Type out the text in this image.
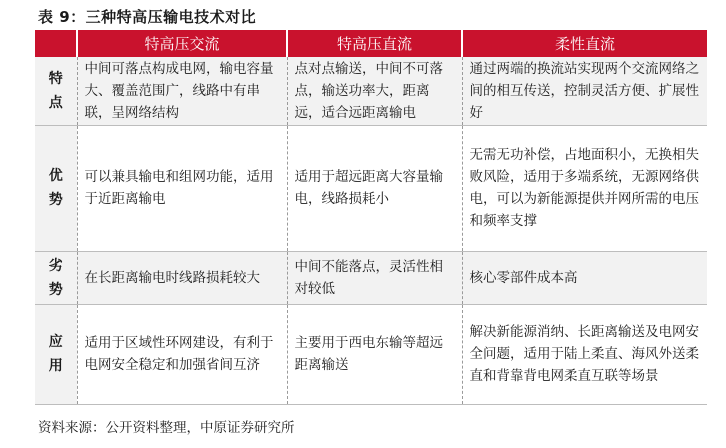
表 9：三种特高压输电技术对比
	特高压交流	特高压直流	柔性直流

特
点	中间可落点构成电网，输电容量大、覆盖范围广，线路中有串联，呈网络结构	点对点输送，中间不可落点，输送功率大，距离远，适合远距离输电	通过两端的换流站实现两个交流网络之间的相互传送，控制灵活方便、扩展性好

优
势	可以兼具输电和组网功能，适用于近距离输电	适用于超远距离大容量输电，线路损耗小	无需无功补偿，占地面积小，无换相失败风险，适用于多端系统，无源网络供电，可以为新能源提供并网所需的电压和频率支撑

劣
势	在长距离输电时线路损耗较大	中间不能落点，灵活性相对较低	核心零部件成本高

应
用	适用于区域性环网建设，有利于电网安全稳定和加强省间互济	主要用于西电东输等超远距离输送	解决新能源消纳、长距离输送及电网安全问题，适用于陆上柔直、海风外送柔直和背靠背电网柔直互联等场景
资料来源：公开资料整理，中原证券研究所
